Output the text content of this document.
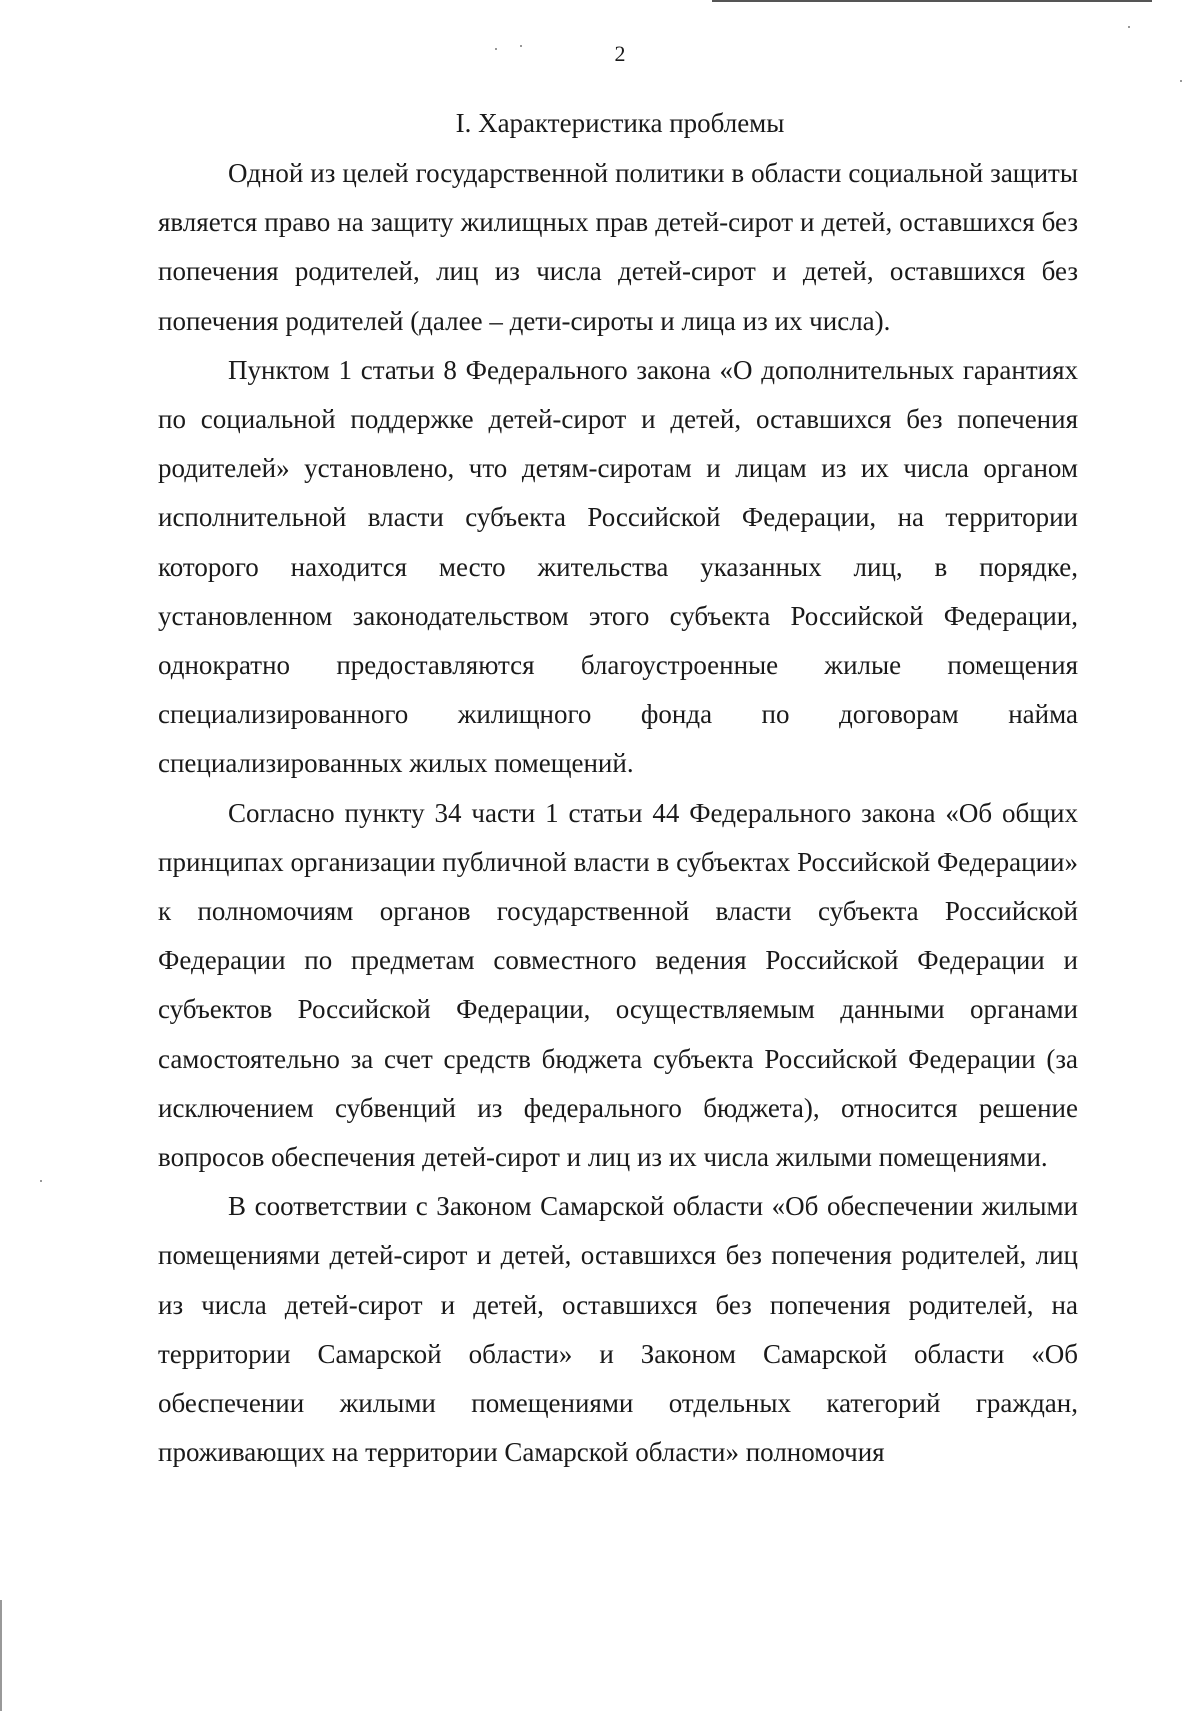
2
I. Характеристика проблемы

Одной из целей государственной политики в области социальной защиты является право на защиту жилищных прав детей-сирот и детей, оставшихся без попечения родителей, лиц из числа детей-сирот и детей, оставшихся без попечения родителей (далее – дети-сироты и лица из их числа).

Пунктом 1 статьи 8 Федерального закона «О дополнительных гарантиях по социальной поддержке детей-сирот и детей, оставшихся без попечения родителей» установлено, что детям-сиротам и лицам из их числа органом исполнительной власти субъекта Российской Федерации, на территории которого находится место жительства указанных лиц, в порядке, установленном законодательством этого субъекта Российской Федерации, однократно предоставляются благоустроенные жилые помещения специализированного жилищного фонда по договорам найма специализированных жилых помещений.

Согласно пункту 34 части 1 статьи 44 Федерального закона «Об общих принципах организации публичной власти в субъектах Российской Федерации» к полномочиям органов государственной власти субъекта Российской Федерации по предметам совместного ведения Российской Федерации и субъектов Российской Федерации, осуществляемым данными органами самостоятельно за счет средств бюджета субъекта Российской Федерации (за исключением субвенций из федерального бюджета), относится решение вопросов обеспечения детей-сирот и лиц из их числа жилыми помещениями.

В соответствии с Законом Самарской области «Об обеспечении жилыми помещениями детей-сирот и детей, оставшихся без попечения родителей, лиц из числа детей-сирот и детей, оставшихся без попечения родителей, на территории Самарской области» и Законом Самарской области «Об обеспечении жилыми помещениями отдельных категорий граждан, проживающих на территории Самарской области» полномочия
